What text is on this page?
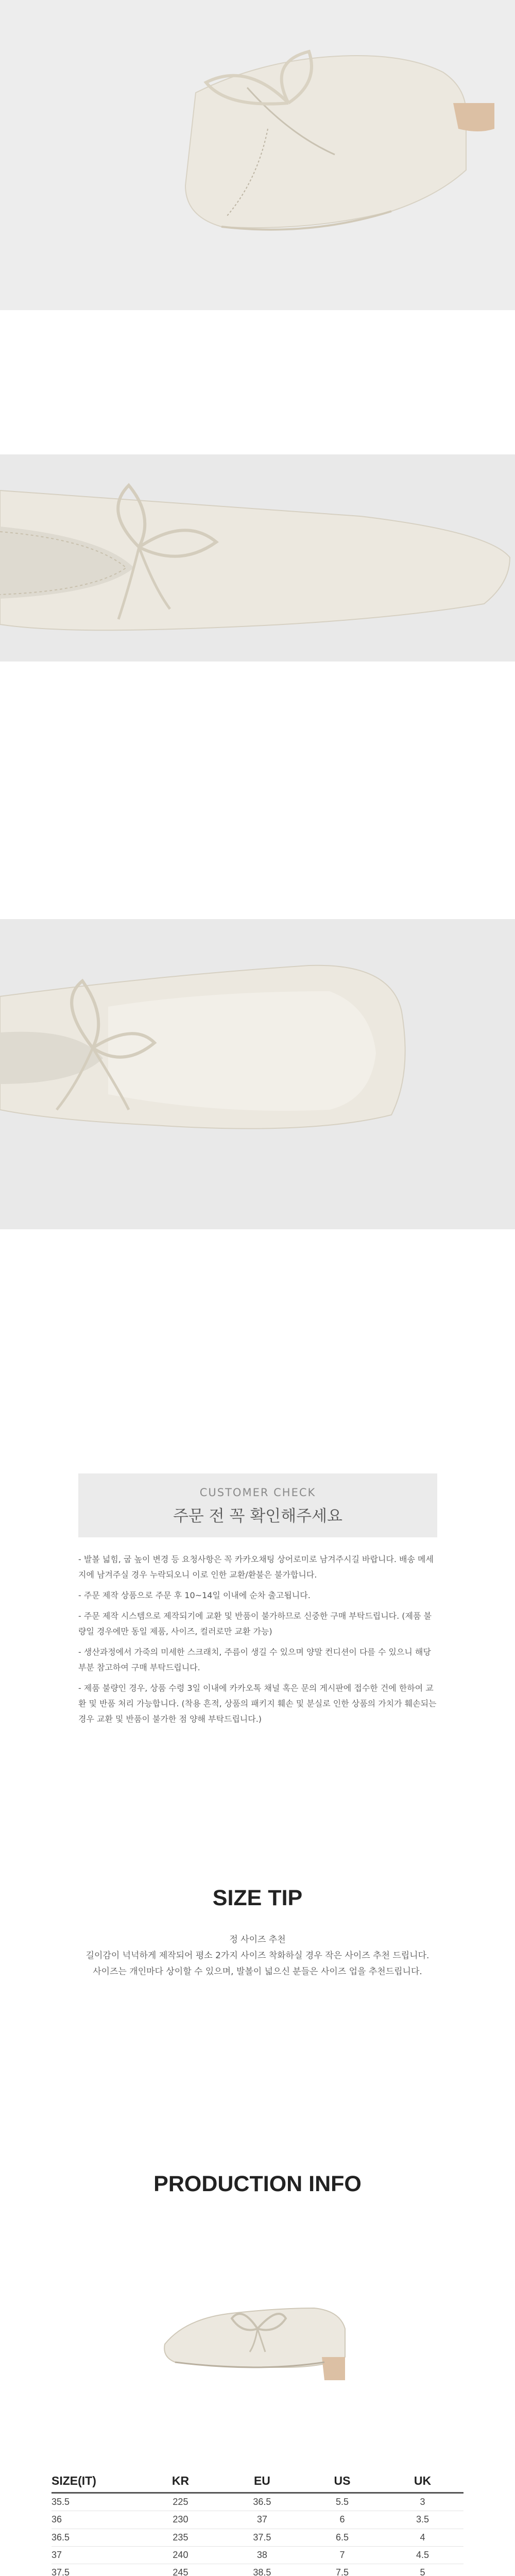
CUSTOMER CHECK
주문 전 꼭 확인해주세요
- 발볼 넓힘, 굽 높이 변경 등 요청사항은 꼭 카카오채팅 상어로미로 남겨주시길 바랍니다. 배송 메세지에 남겨주실 경우 누락되오니 이로 인한 교환/환불은 불가합니다.
- 주문 제작 상품으로 주문 후 10~14일 이내에 순차 출고됩니다.
- 주문 제작 시스템으로 제작되기에 교환 및 반품이 불가하므로 신중한 구매 부탁드립니다. (제품 불량일 경우에만 동일 제품, 사이즈, 컬러로만 교환 가능)
- 생산과정에서 가죽의 미세한 스크래치, 주름이 생길 수 있으며 양말 컨디션이 다를 수 있으니 해당 부분 참고하여 구매 부탁드립니다.
- 제품 불량인 경우, 상품 수령 3일 이내에 카카오톡 채널 혹은 문의 게시판에 접수한 건에 한하여 교환 및 반품 처리 가능합니다. (착용 흔적, 상품의 패키지 훼손 및 분실로 인한 상품의 가치가 훼손되는 경우 교환 및 반품이 불가한 점 양해 부탁드립니다.)
SIZE TIP
정 사이즈 추천
길이감이 넉넉하게 제작되어 평소 2가지 사이즈 착화하실 경우 작은 사이즈 추천 드립니다.
사이즈는 개인마다 상이할 수 있으며, 발볼이 넓으신 분들은 사이즈 업을 추천드립니다.
PRODUCTION INFO
SIZE(IT)	KR	EU	US	UK
35.5	225	36.5	5.5	3
36	230	37	6	3.5
36.5	235	37.5	6.5	4
37	240	38	7	4.5
37.5	245	38.5	7.5	5
